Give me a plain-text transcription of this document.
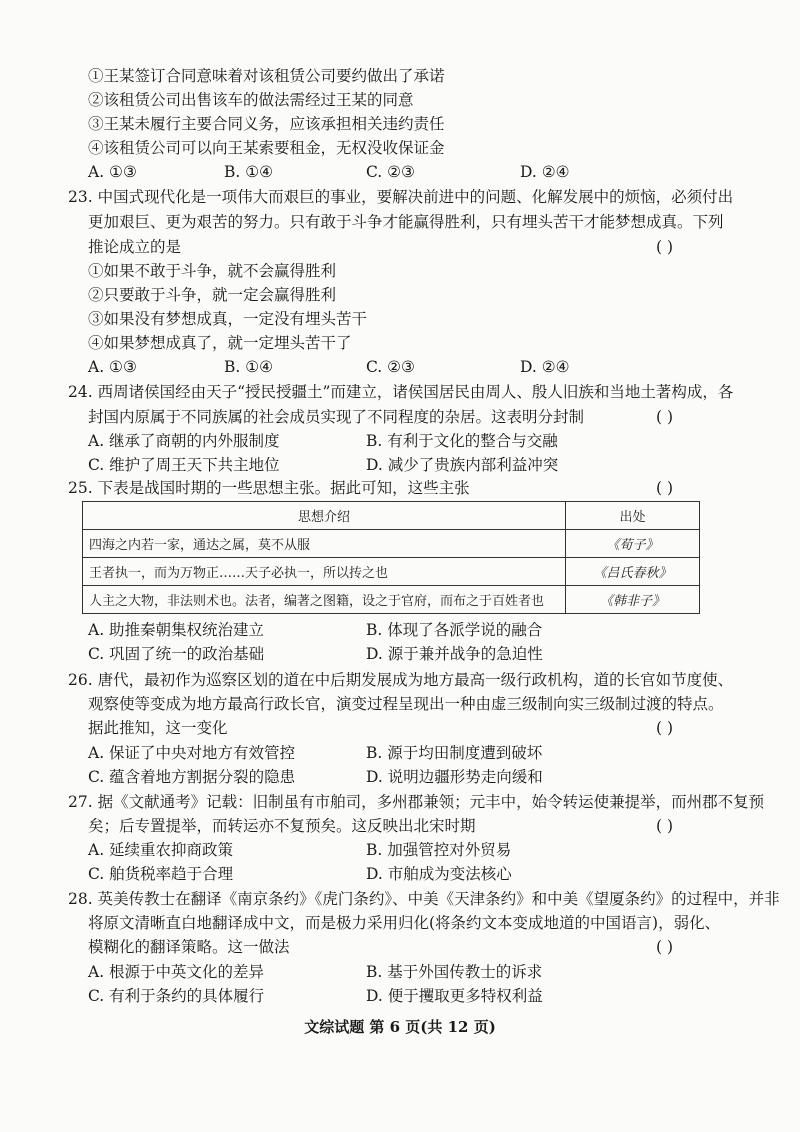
①王某签订合同意味着对该租赁公司要约做出了承诺
②该租赁公司出售该车的做法需经过王某的同意
③王某未履行主要合同义务，应该承担相关违约责任
④该租赁公司可以向王某索要租金，无权没收保证金
A. ①③	B. ①④	C. ②③	D. ②④
23. 中国式现代化是一项伟大而艰巨的事业，要解决前进中的问题、化解发展中的烦恼，必须付出
更加艰巨、更为艰苦的努力。只有敢于斗争才能赢得胜利，只有埋头苦干才能梦想成真。下列
推论成立的是	( )
①如果不敢于斗争，就不会赢得胜利
②只要敢于斗争，就一定会赢得胜利
③如果没有梦想成真，一定没有埋头苦干
④如果梦想成真了，就一定埋头苦干了
A. ①③	B. ①④	C. ②③	D. ②④
24. 西周诸侯国经由天子“授民授疆土”而建立，诸侯国居民由周人、殷人旧族和当地土著构成，各
封国内原属于不同族属的社会成员实现了不同程度的杂居。这表明分封制	( )
A. 继承了商朝的内外服制度	B. 有利于文化的整合与交融
C. 维护了周王天下共主地位	D. 减少了贵族内部利益冲突
25. 下表是战国时期的一些思想主张。据此可知，这些主张	( )
思想介绍	出处
四海之内若一家，通达之属，莫不从服	《荀子》
王者执一，而为万物正……天子必执一，所以抟之也	《吕氏春秋》
人主之大物，非法则术也。法者，编著之图籍，设之于官府，而布之于百姓者也	《韩非子》
A. 助推秦朝集权统治建立	B. 体现了各派学说的融合
C. 巩固了统一的政治基础	D. 源于兼并战争的急迫性
26. 唐代，最初作为巡察区划的道在中后期发展成为地方最高一级行政机构，道的长官如节度使、
观察使等变成为地方最高行政长官，演变过程呈现出一种由虚三级制向实三级制过渡的特点。
据此推知，这一变化	( )
A. 保证了中央对地方有效管控	B. 源于均田制度遭到破坏
C. 蕴含着地方割据分裂的隐患	D. 说明边疆形势走向缓和
27. 据《文献通考》记载：旧制虽有市舶司，多州郡兼领；元丰中，始令转运使兼提举，而州郡不复预
矣；后专置提举，而转运亦不复预矣。这反映出北宋时期	( )
A. 延续重农抑商政策	B. 加强管控对外贸易
C. 舶货税率趋于合理	D. 市舶成为变法核心
28. 英美传教士在翻译《南京条约》《虎门条约》、中美《天津条约》和中美《望厦条约》的过程中，并非
将原文清晰直白地翻译成中文，而是极力采用归化(将条约文本变成地道的中国语言)，弱化、
模糊化的翻译策略。这一做法	( )
A. 根源于中英文化的差异	B. 基于外国传教士的诉求
C. 有利于条约的具体履行	D. 便于攫取更多特权利益
文综试题 第 6 页(共 12 页)
